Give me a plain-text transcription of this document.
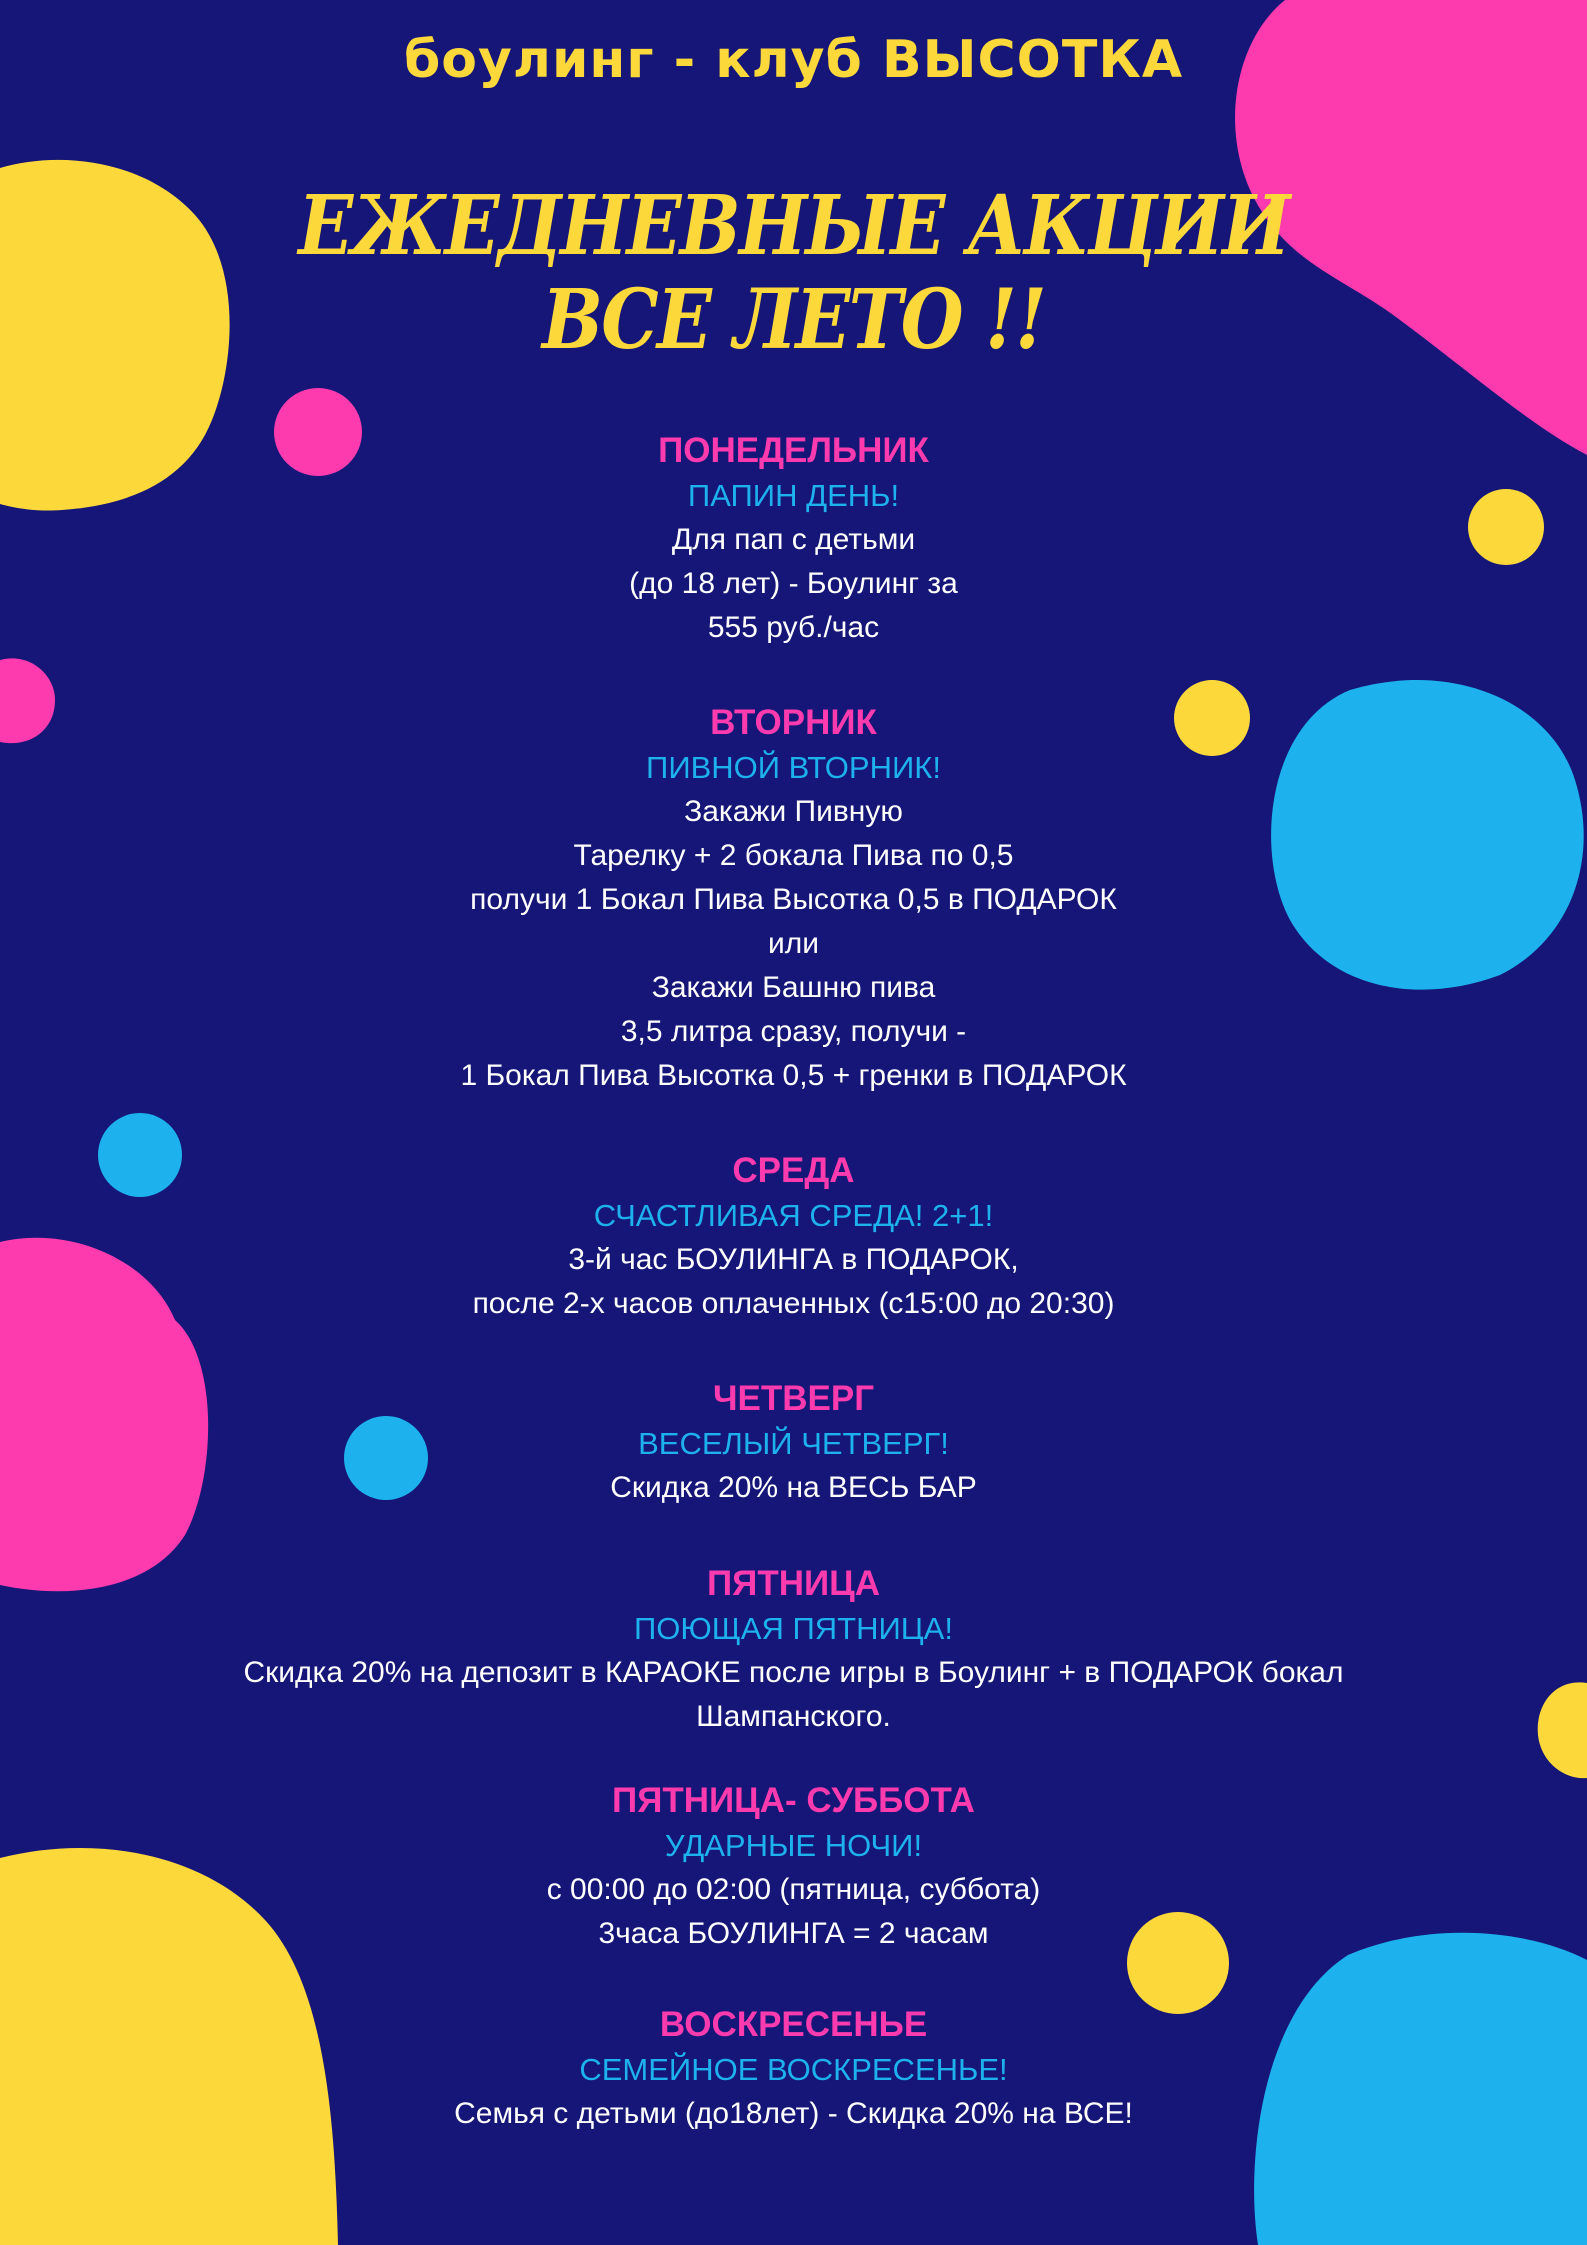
боулинг - клуб ВЫСОТКА
ЕЖЕДНЕВНЫЕ АКЦИИ
ВСЕ ЛЕТО !!
ПОНЕДЕЛЬНИК
ПАПИН ДЕНЬ!
Для пап с детьми
(до 18 лет) - Боулинг за
555 руб./час
ВТОРНИК
ПИВНОЙ ВТОРНИК!
Закажи Пивную
Тарелку + 2 бокала Пива по 0,5
получи 1 Бокал Пива Высотка 0,5 в ПОДАРОК
или
Закажи Башню пива
3,5 литра сразу, получи -
1 Бокал Пива Высотка 0,5 + гренки в ПОДАРОК
СРЕДА
СЧАСТЛИВАЯ СРЕДА! 2+1!
3-й час БОУЛИНГА в ПОДАРОК,
после 2-х часов оплаченных (с15:00 до 20:30)
ЧЕТВЕРГ
ВЕСЕЛЫЙ ЧЕТВЕРГ!
Скидка 20% на ВЕСЬ БАР
ПЯТНИЦА
ПОЮЩАЯ ПЯТНИЦА!
Скидка 20% на депозит в КАРАОКЕ после игры в Боулинг + в ПОДАРОК бокал
Шампанского.
ПЯТНИЦА- СУББОТА
УДАРНЫЕ НОЧИ!
с 00:00 до 02:00 (пятница, суббота)
3часа БОУЛИНГА = 2 часам
ВОСКРЕСЕНЬЕ
СЕМЕЙНОЕ ВОСКРЕСЕНЬЕ!
Семья с детьми (до18лет) - Скидка 20% на ВСЕ!
